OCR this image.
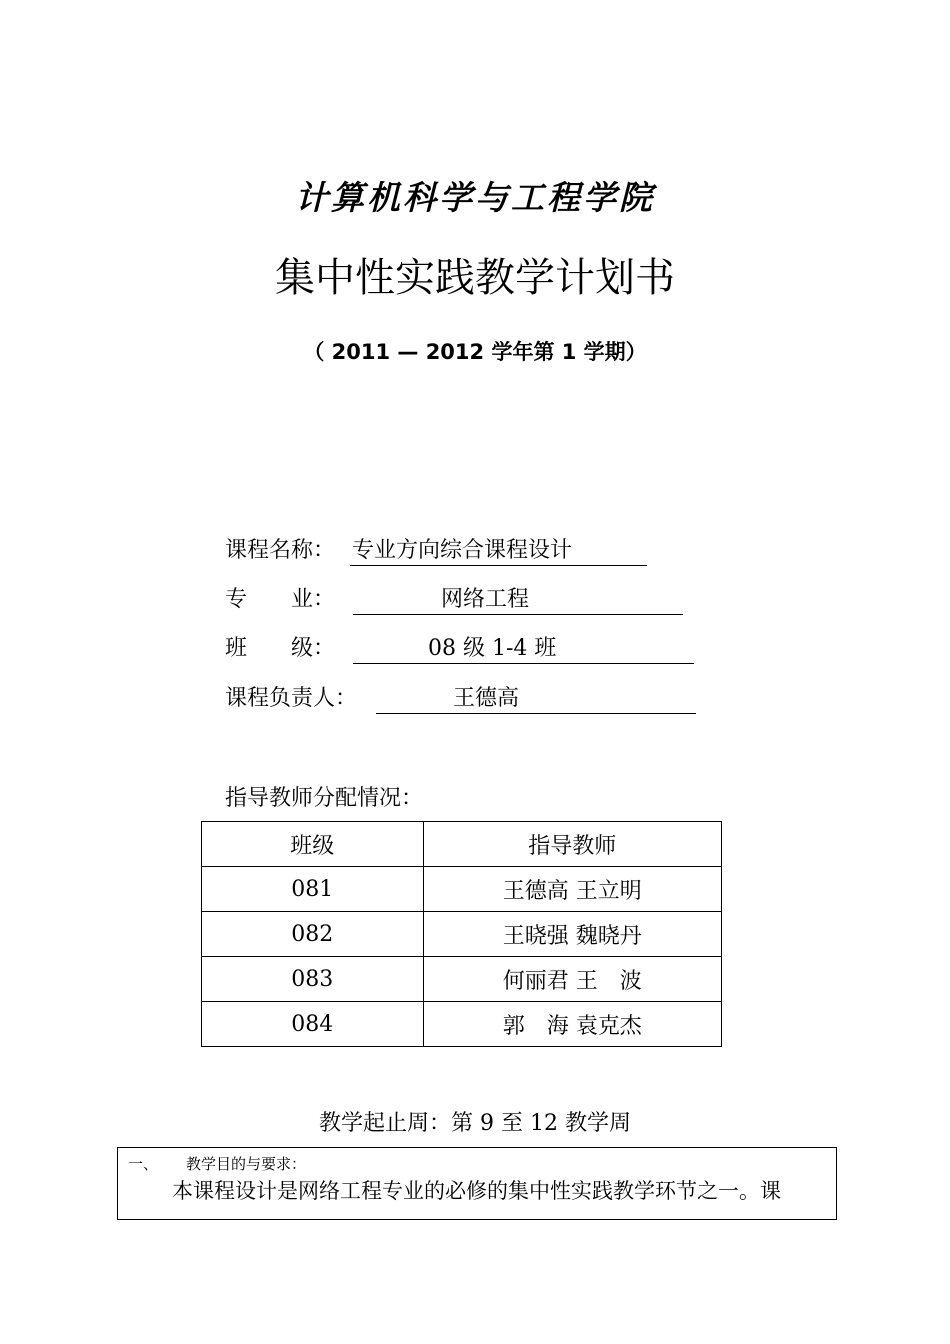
计算机科学与工程学院
集中性实践教学计划书
（ 2011 — 2012 学年第 1 学期）
课程名称： 专业方向综合课程设计
专　　业：	网络工程
班　　级：	08 级 1-4 班
课程负责人：	王德高
指导教师分配情况：
班级	指导教师
081	王德高 王立明
082	王晓强 魏晓丹
083	何丽君 王　波
084	郭　海 袁克杰
教学起止周：第 9 至 12 教学周
一、 教学目的与要求：
本课程设计是网络工程专业的必修的集中性实践教学环节之一。课
